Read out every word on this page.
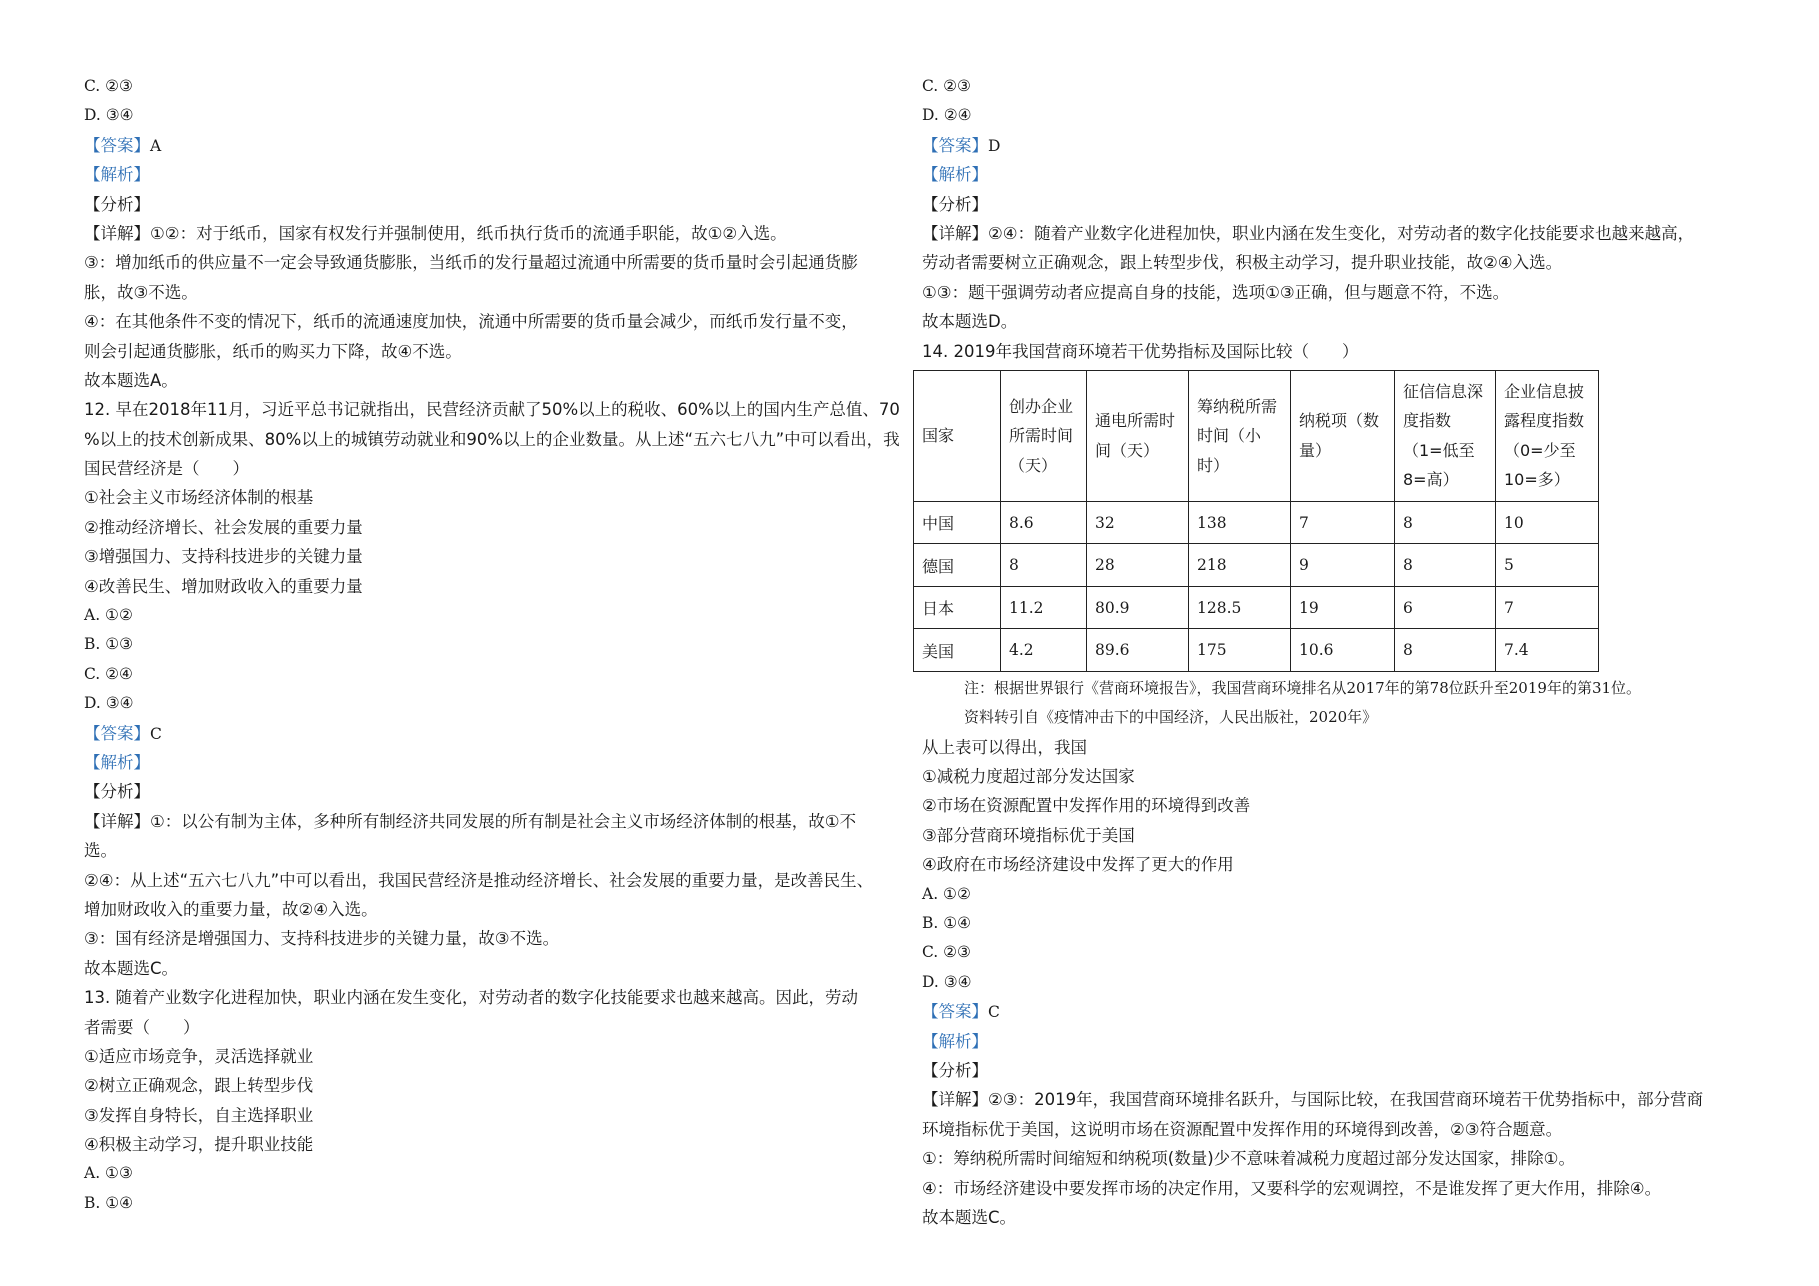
C. ②③
D. ③④
【答案】A
【解析】
【分析】
【详解】①②：对于纸币，国家有权发行并强制使用，纸币执行货币的流通手职能，故①②入选。
③：增加纸币的供应量不一定会导致通货膨胀，当纸币的发行量超过流通中所需要的货币量时会引起通货膨
胀，故③不选。
④：在其他条件不变的情况下，纸币的流通速度加快，流通中所需要的货币量会减少，而纸币发行量不变，
则会引起通货膨胀，纸币的购买力下降，故④不选。
故本题选A。
12. 早在2018年11月，习近平总书记就指出，民营经济贡献了50%以上的税收、60%以上的国内生产总值、70
%以上的技术创新成果、80%以上的城镇劳动就业和90%以上的企业数量。从上述“五六七八九”中可以看出，我
国民营经济是（　　）
①社会主义市场经济体制的根基
②推动经济增长、社会发展的重要力量
③增强国力、支持科技进步的关键力量
④改善民生、增加财政收入的重要力量
A. ①②
B. ①③
C. ②④
D. ③④
【答案】C
【解析】
【分析】
【详解】①：以公有制为主体，多种所有制经济共同发展的所有制是社会主义市场经济体制的根基，故①不
选。
②④：从上述“五六七八九”中可以看出，我国民营经济是推动经济增长、社会发展的重要力量，是改善民生、
增加财政收入的重要力量，故②④入选。
③：国有经济是增强国力、支持科技进步的关键力量，故③不选。
故本题选C。
13. 随着产业数字化进程加快，职业内涵在发生变化，对劳动者的数字化技能要求也越来越高。因此，劳动
者需要（　　）
①适应市场竞争，灵活选择就业
②树立正确观念，跟上转型步伐
③发挥自身特长，自主选择职业
④积极主动学习，提升职业技能
A. ①③
B. ①④
C. ②③
D. ②④
【答案】D
【解析】
【分析】
【详解】②④：随着产业数字化进程加快，职业内涵在发生变化，对劳动者的数字化技能要求也越来越高，
劳动者需要树立正确观念，跟上转型步伐，积极主动学习，提升职业技能，故②④入选。
①③：题干强调劳动者应提高自身的技能，选项①③正确，但与题意不符，不选。
故本题选D。
14. 2019年我国营商环境若干优势指标及国际比较（　　）
国家	创办企业所需时间（天）	通电所需时间（天）	筹纳税所需时间（小时）	纳税项（数量）	征信信息深度指数（1=低至8=高）	企业信息披露程度指数（0=少至10=多）
中国	8.6	32	138	7	8	10
德国	8	28	218	9	8	5
日本	11.2	80.9	128.5	19	6	7
美国	4.2	89.6	175	10.6	8	7.4
注：根据世界银行《营商环境报告》，我国营商环境排名从2017年的第78位跃升至2019年的第31位。
资料转引自《疫情冲击下的中国经济，人民出版社，2020年》
从上表可以得出，我国
①减税力度超过部分发达国家
②市场在资源配置中发挥作用的环境得到改善
③部分营商环境指标优于美国
④政府在市场经济建设中发挥了更大的作用
A. ①②
B. ①④
C. ②③
D. ③④
【答案】C
【解析】
【分析】
【详解】②③：2019年，我国营商环境排名跃升，与国际比较，在我国营商环境若干优势指标中，部分营商
环境指标优于美国，这说明市场在资源配置中发挥作用的环境得到改善，②③符合题意。
①：筹纳税所需时间缩短和纳税项(数量)少不意味着减税力度超过部分发达国家，排除①。
④：市场经济建设中要发挥市场的决定作用，又要科学的宏观调控，不是谁发挥了更大作用，排除④。
故本题选C。
